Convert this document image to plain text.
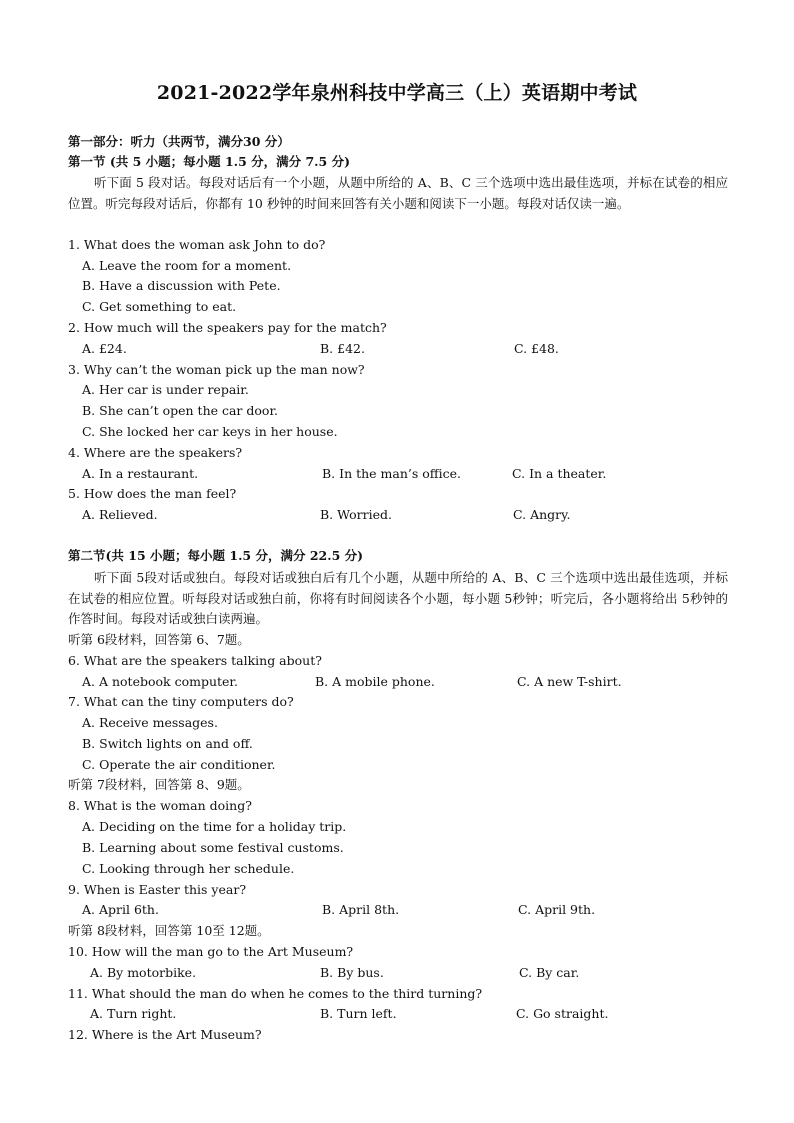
2021-2022学年泉州科技中学高三（上）英语期中考试
第一部分：听力（共两节，满分30 分）
第一节 (共 5 小题；每小题 1.5 分，满分 7.5 分)
听下面 5 段对话。每段对话后有一个小题，从题中所给的 A、B、C 三个选项中选出最佳选项，并标在试卷的相应位置。听完每段对话后，你都有 10 秒钟的时间来回答有关小题和阅读下一小题。每段对话仅读一遍。
1. What does the woman ask John to do?
A. Leave the room for a moment.
B. Have a discussion with Pete.
C. Get something to eat.
2. How much will the speakers pay for the match?
A. £24.	B. £42.	C. £48.
3. Why can’t the woman pick up the man now?
A. Her car is under repair.
B. She can’t open the car door.
C. She locked her car keys in her house.
4. Where are the speakers?
A. In a restaurant.	B. In the man’s office.	C. In a theater.
5. How does the man feel?
A. Relieved.	B. Worried.	C. Angry.
第二节(共 15 小题；每小题 1.5 分，满分 22.5 分)
听下面 5段对话或独白。每段对话或独白后有几个小题，从题中所给的 A、B、C 三个选项中选出最佳选项，并标在试卷的相应位置。听每段对话或独白前，你将有时间阅读各个小题，每小题 5秒钟；听完后，各小题将给出 5秒钟的作答时间。每段对话或独白读两遍。
听第 6段材料，回答第 6、7题。
6. What are the speakers talking about?
A. A notebook computer.	B. A mobile phone.	C. A new T-shirt.
7. What can the tiny computers do?
A. Receive messages.
B. Switch lights on and off.
C. Operate the air conditioner.
听第 7段材料，回答第 8、9题。
8. What is the woman doing?
A. Deciding on the time for a holiday trip.
B. Learning about some festival customs.
C. Looking through her schedule.
9. When is Easter this year?
A. April 6th.	B. April 8th.	C. April 9th.
听第 8段材料，回答第 10至 12题。
10. How will the man go to the Art Museum?
A. By motorbike.	B. By bus.	C. By car.
11. What should the man do when he comes to the third turning?
A. Turn right.	B. Turn left.	C. Go straight.
12. Where is the Art Museum?
